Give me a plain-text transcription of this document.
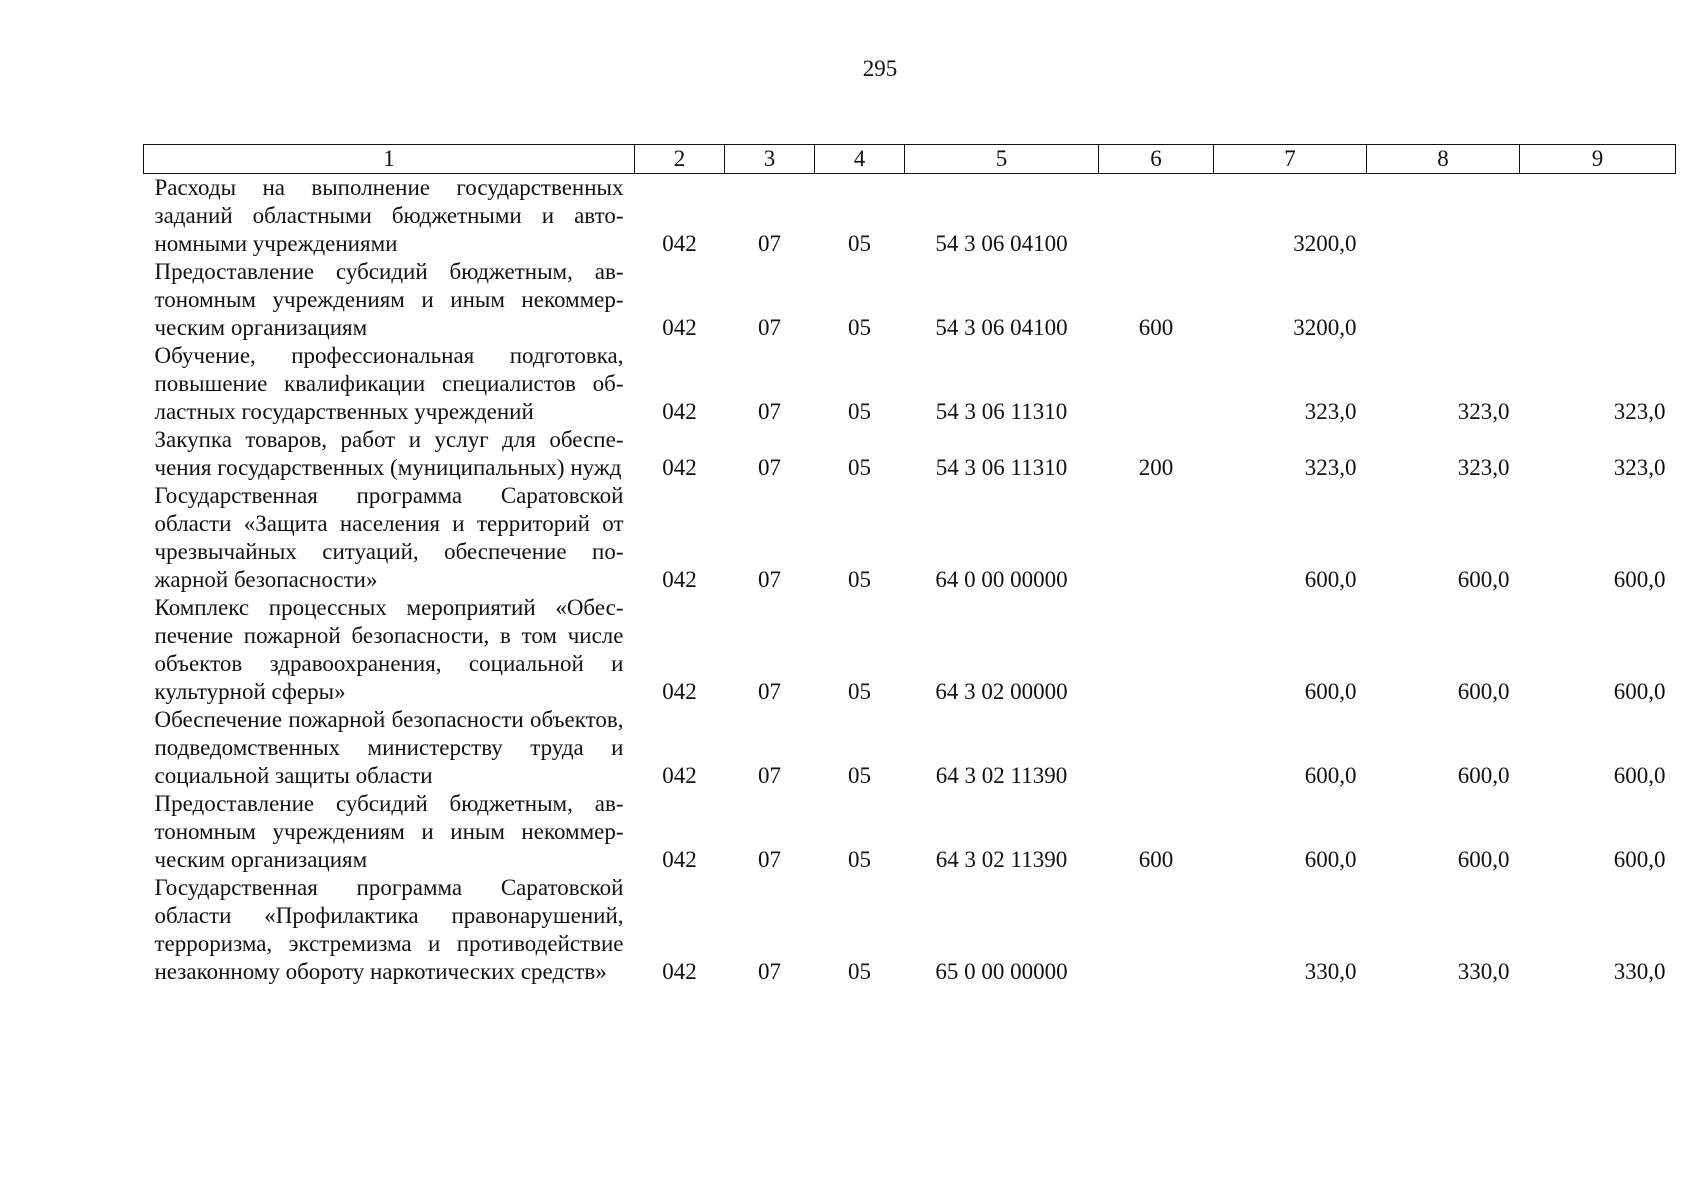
295
1	2	3	4	5	6	7	8	9
Расходы на выполнение государственных заданий областными бюджетными и автономными учреждениями	042	07	05	54 3 06 04100		3200,0		
Предоставление субсидий бюджетным, автономным учреждениям и иным некоммерческим организациям	042	07	05	54 3 06 04100	600	3200,0		
Обучение, профессиональная подготовка, повышение квалификации специалистов областных государственных учреждений	042	07	05	54 3 06 11310		323,0	323,0	323,0
Закупка товаров, работ и услуг для обеспечения государственных (муниципальных) нужд	042	07	05	54 3 06 11310	200	323,0	323,0	323,0
Государственная программа Саратовской области «Защита населения и территорий от чрезвычайных ситуаций, обеспечение пожарной безопасности»	042	07	05	64 0 00 00000		600,0	600,0	600,0
Комплекс процессных мероприятий «Обеспечение пожарной безопасности, в том числе объектов здравоохранения, социальной и культурной сферы»	042	07	05	64 3 02 00000		600,0	600,0	600,0
Обеспечение пожарной безопасности объектов, подведомственных министерству труда и социальной защиты области	042	07	05	64 3 02 11390		600,0	600,0	600,0
Предоставление субсидий бюджетным, автономным учреждениям и иным некоммерческим организациям	042	07	05	64 3 02 11390	600	600,0	600,0	600,0
Государственная программа Саратовской области «Профилактика правонарушений, терроризма, экстремизма и противодействие незаконному обороту наркотических средств»	042	07	05	65 0 00 00000		330,0	330,0	330,0
